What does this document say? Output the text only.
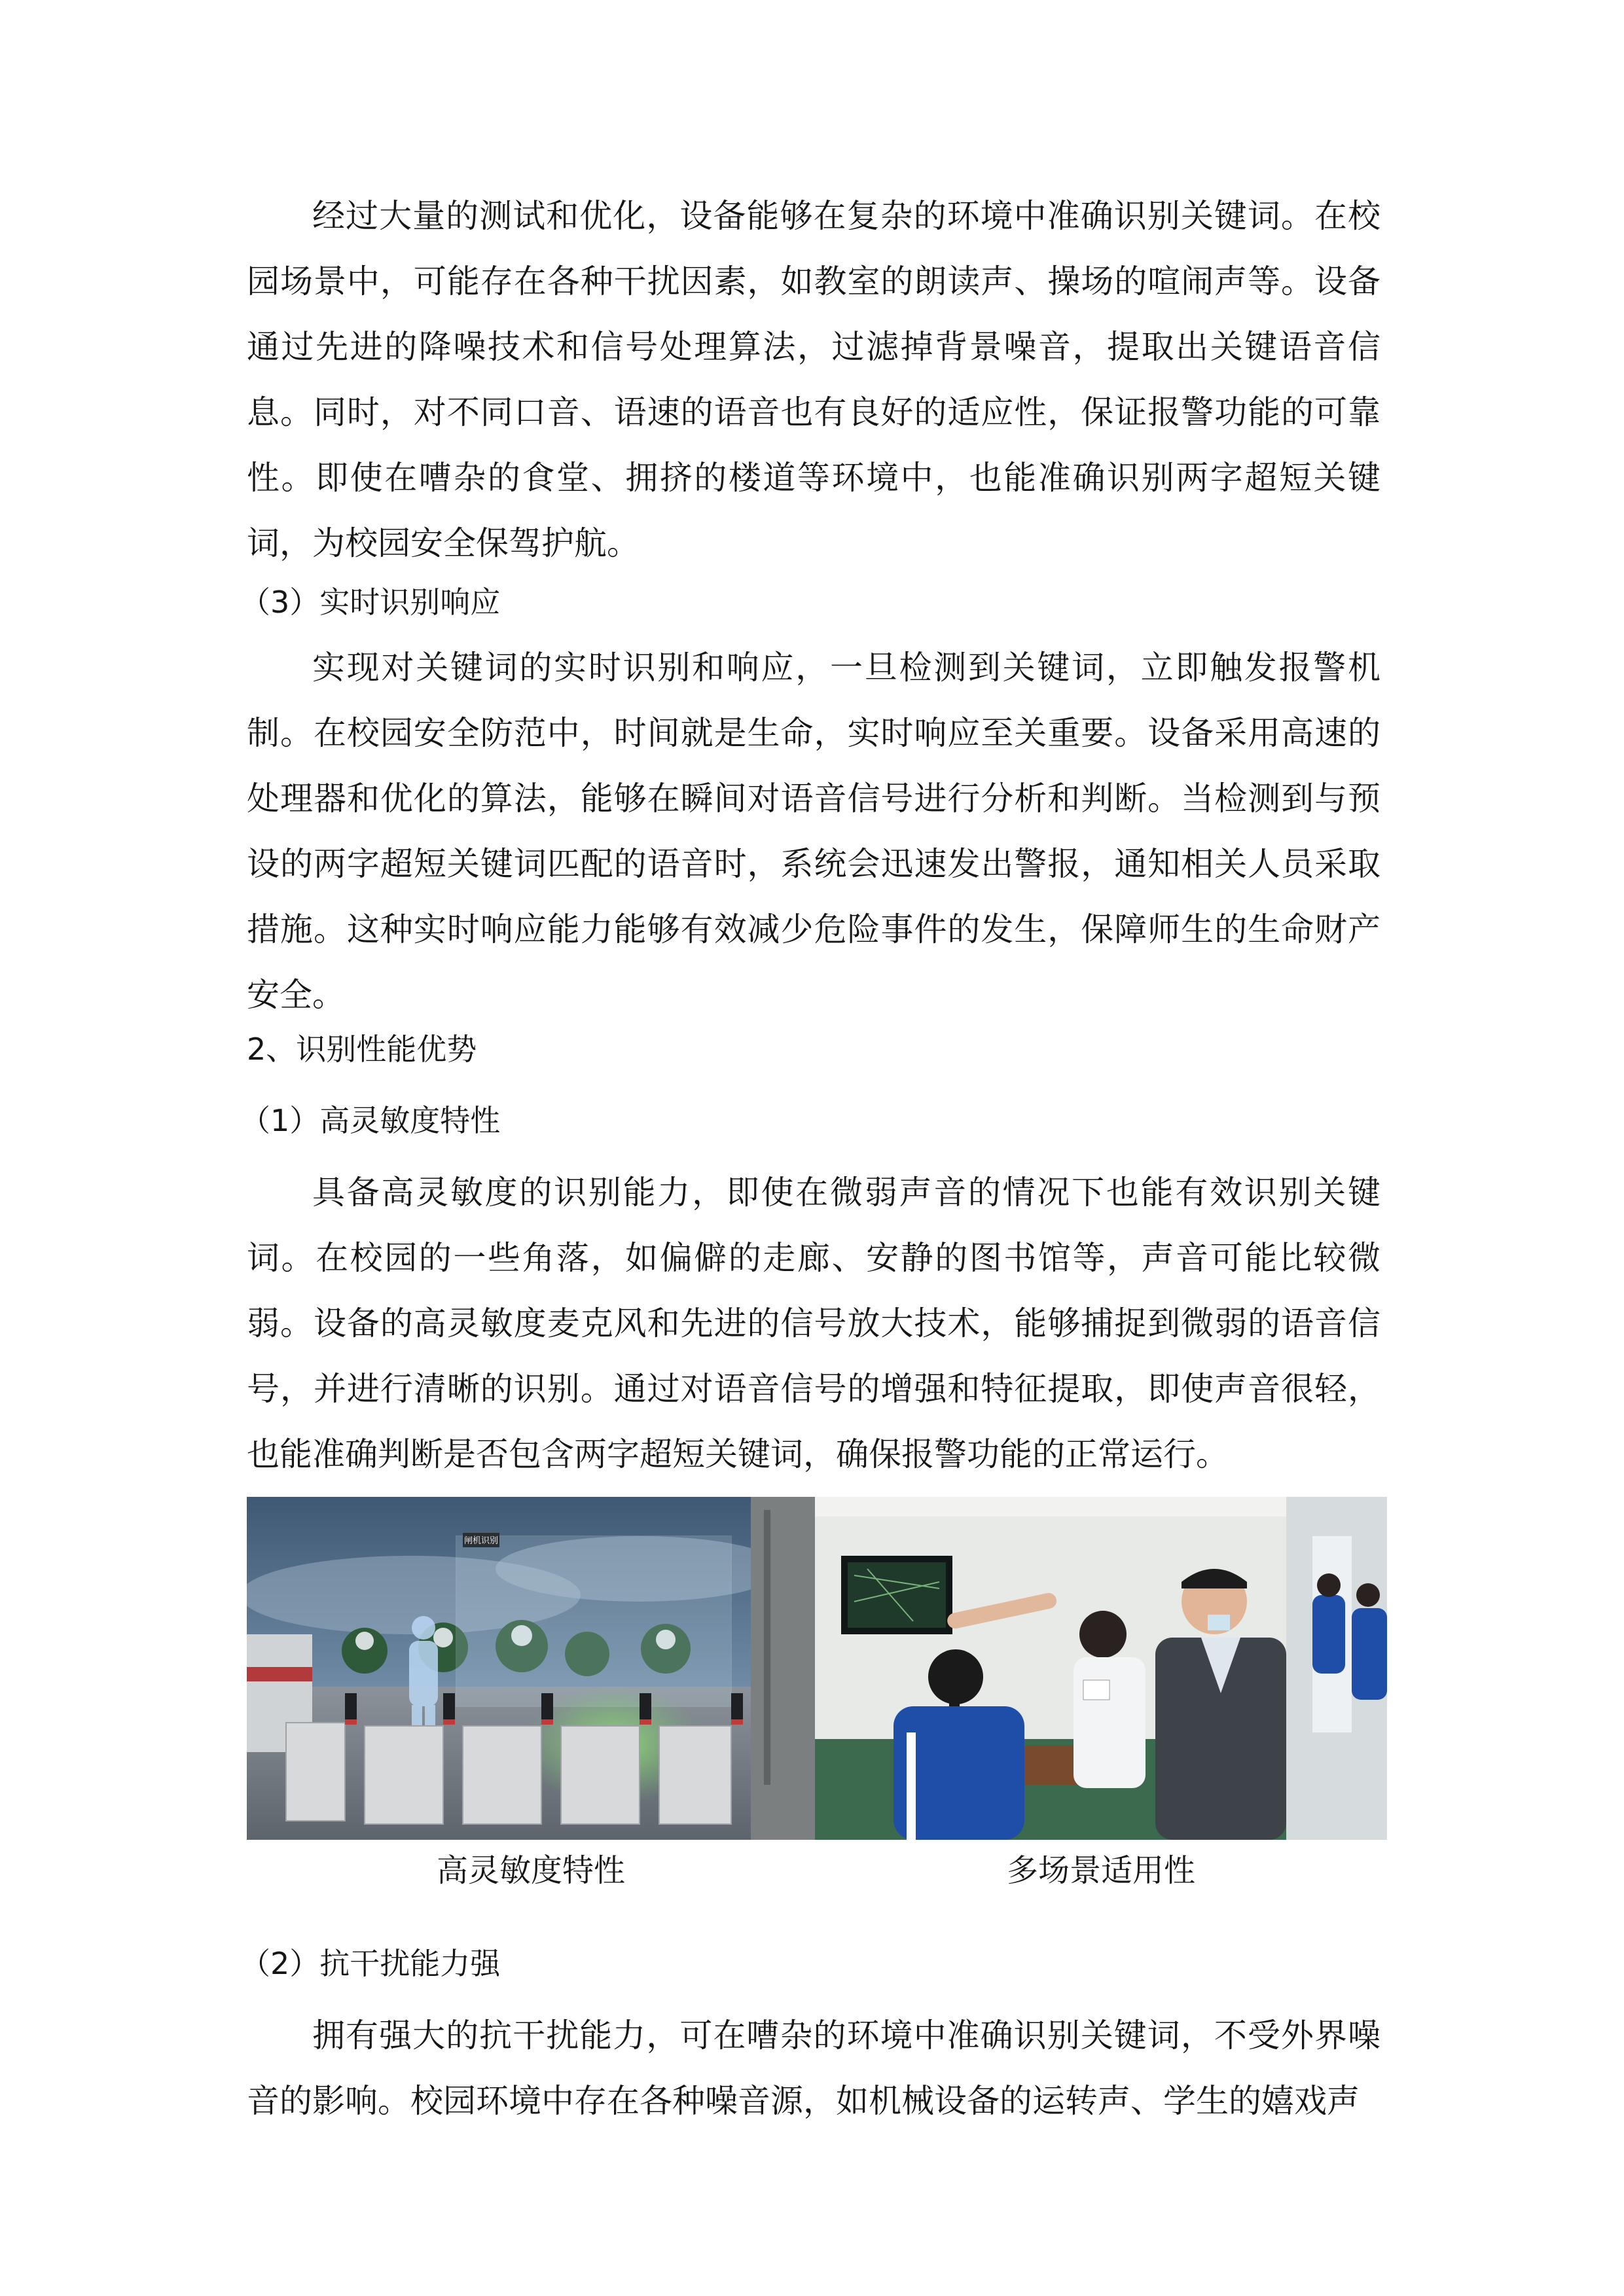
经过大量的测试和优化，设备能够在复杂的环境中准确识别关键词。在校园场景中，可能存在各种干扰因素，如教室的朗读声、操场的喧闹声等。设备通过先进的降噪技术和信号处理算法，过滤掉背景噪音，提取出关键语音信息。同时，对不同口音、语速的语音也有良好的适应性，保证报警功能的可靠性。即使在嘈杂的食堂、拥挤的楼道等环境中，也能准确识别两字超短关键词，为校园安全保驾护航。

（3）实时识别响应

实现对关键词的实时识别和响应，一旦检测到关键词，立即触发报警机制。在校园安全防范中，时间就是生命，实时响应至关重要。设备采用高速的处理器和优化的算法，能够在瞬间对语音信号进行分析和判断。当检测到与预设的两字超短关键词匹配的语音时，系统会迅速发出警报，通知相关人员采取措施。这种实时响应能力能够有效减少危险事件的发生，保障师生的生命财产安全。

2、识别性能优势

（1）高灵敏度特性

具备高灵敏度的识别能力，即使在微弱声音的情况下也能有效识别关键词。在校园的一些角落，如偏僻的走廊、安静的图书馆等，声音可能比较微弱。设备的高灵敏度麦克风和先进的信号放大技术，能够捕捉到微弱的语音信号，并进行清晰的识别。通过对语音信号的增强和特征提取，即使声音很轻，也能准确判断是否包含两字超短关键词，确保报警功能的正常运行。

闸机识别

高灵敏度特性	多场景适用性

（2）抗干扰能力强

拥有强大的抗干扰能力，可在嘈杂的环境中准确识别关键词，不受外界噪音的影响。校园环境中存在各种噪音源，如机械设备的运转声、学生的嬉戏声
